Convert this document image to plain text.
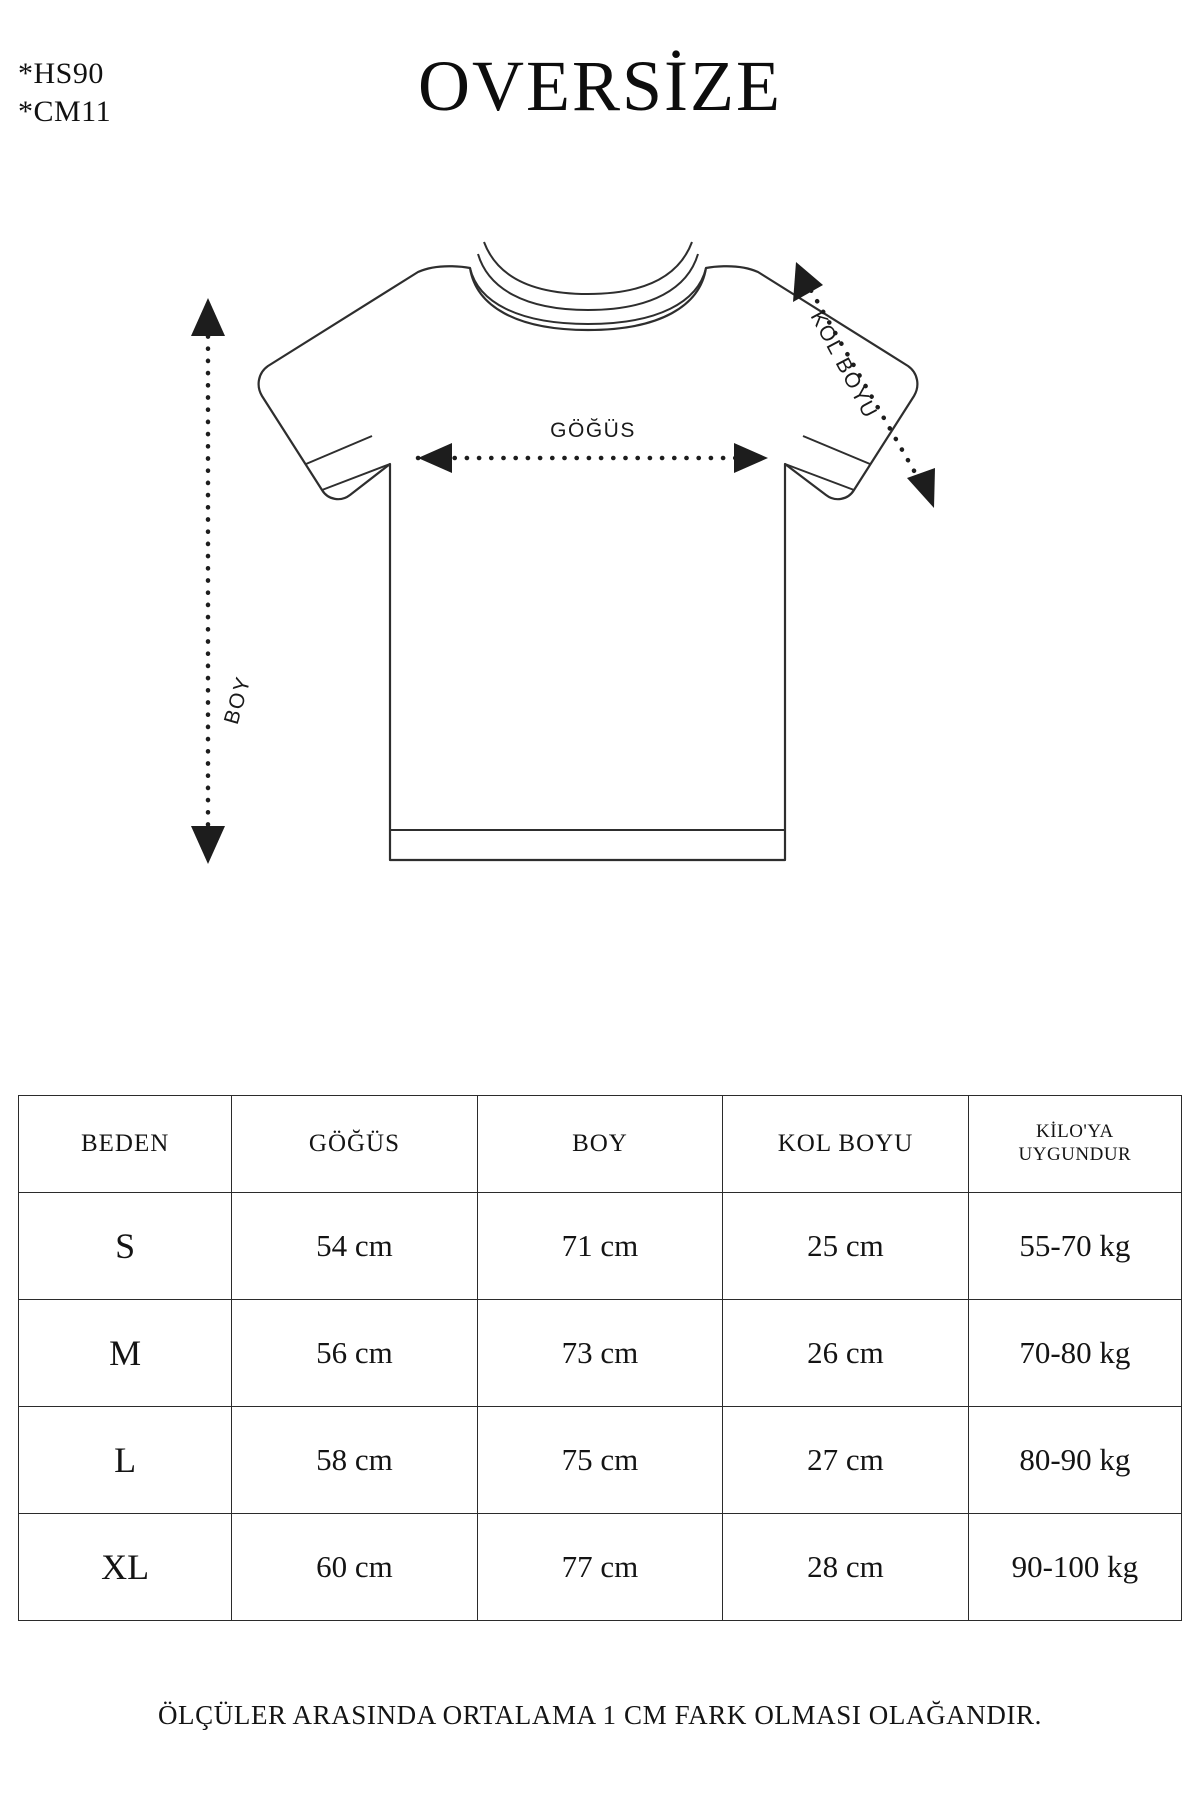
*HS90
*CM11	OVERSİZE
GÖĞÜS
BOY
KOL BOYU
BEDEN	GÖĞÜS	BOY	KOL BOYU	KİLO'YA
UYGUNDUR

S	54 cm	71 cm	25 cm	55-70 kg
M	56 cm	73 cm	26 cm	70-80 kg
L	58 cm	75 cm	27 cm	80-90 kg
XL	60 cm	77 cm	28 cm	90-100 kg
ÖLÇÜLER ARASINDA ORTALAMA 1 CM FARK OLMASI OLAĞANDIR.
